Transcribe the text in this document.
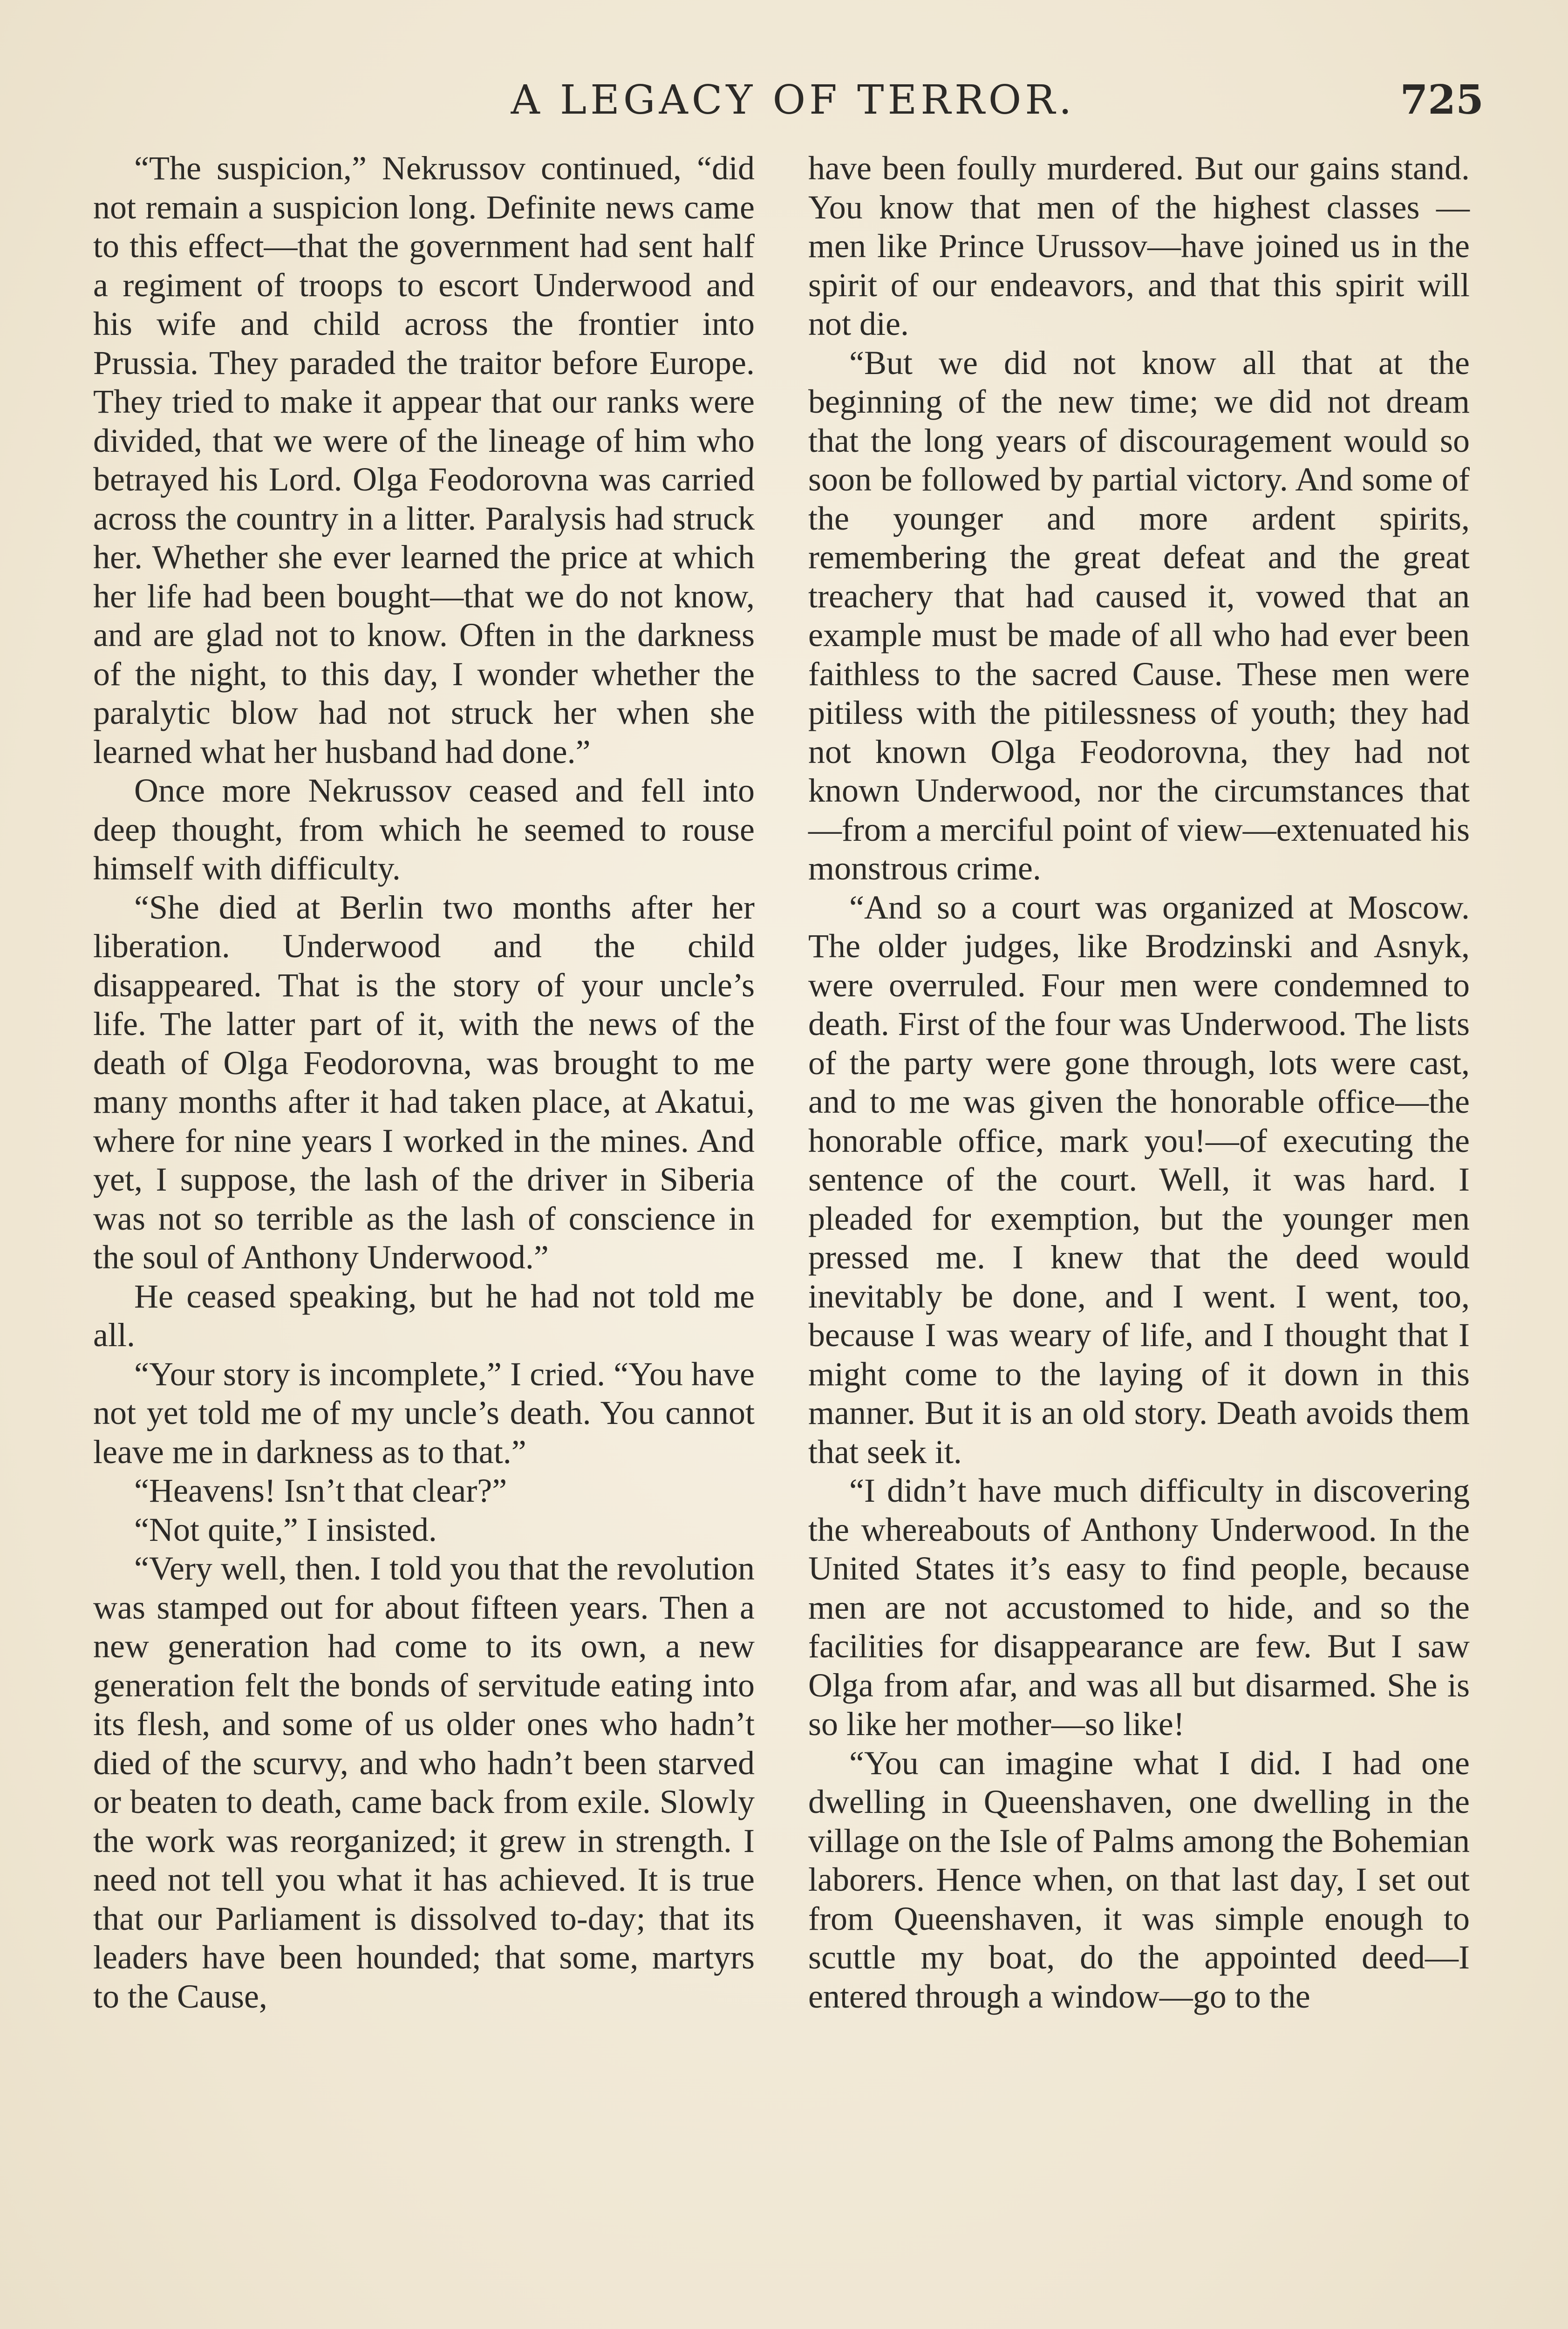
A LEGACY OF TERROR.	725

“The suspicion,” Nekrussov continued, “did not remain a suspicion long. Definite news came to this effect—that the government had sent half a regiment of troops to escort Underwood and his wife and child across the frontier into Prussia. They paraded the traitor before Europe. They tried to make it appear that our ranks were divided, that we were of the lineage of him who betrayed his Lord. Olga Feodorovna was carried across the country in a litter. Paralysis had struck her. Whether she ever learned the price at which her life had been bought—that we do not know, and are glad not to know. Often in the darkness of the night, to this day, I wonder whether the paralytic blow had not struck her when she learned what her husband had done.”

Once more Nekrussov ceased and fell into deep thought, from which he seemed to rouse himself with difficulty.

“She died at Berlin two months after her liberation. Underwood and the child disappeared. That is the story of your uncle’s life. The latter part of it, with the news of the death of Olga Feodorovna, was brought to me many months after it had taken place, at Akatui, where for nine years I worked in the mines. And yet, I suppose, the lash of the driver in Siberia was not so terrible as the lash of conscience in the soul of Anthony Underwood.”

He ceased speaking, but he had not told me all.

“Your story is incomplete,” I cried. “You have not yet told me of my uncle’s death. You cannot leave me in darkness as to that.”

“Heavens! Isn’t that clear?”

“Not quite,” I insisted.

“Very well, then. I told you that the revolution was stamped out for about fifteen years. Then a new generation had come to its own, a new generation felt the bonds of servitude eating into its flesh, and some of us older ones who hadn’t died of the scurvy, and who hadn’t been starved or beaten to death, came back from exile. Slowly the work was reorganized; it grew in strength. I need not tell you what it has achieved. It is true that our Parliament is dissolved to-day; that its leaders have been hounded; that some, martyrs to the Cause,

have been foully murdered. But our gains stand. You know that men of the highest classes — men like Prince Urussov—have joined us in the spirit of our endeavors, and that this spirit will not die.

“But we did not know all that at the beginning of the new time; we did not dream that the long years of discouragement would so soon be followed by partial victory. And some of the younger and more ardent spirits, remembering the great defeat and the great treachery that had caused it, vowed that an example must be made of all who had ever been faithless to the sacred Cause. These men were pitiless with the pitilessness of youth; they had not known Olga Feodorovna, they had not known Underwood, nor the circumstances that —from a merciful point of view—extenuated his monstrous crime.

“And so a court was organized at Moscow. The older judges, like Brodzinski and Asnyk, were overruled. Four men were condemned to death. First of the four was Underwood. The lists of the party were gone through, lots were cast, and to me was given the honorable office—the honorable office, mark you!—of executing the sentence of the court. Well, it was hard. I pleaded for exemption, but the younger men pressed me. I knew that the deed would inevitably be done, and I went. I went, too, because I was weary of life, and I thought that I might come to the laying of it down in this manner. But it is an old story. Death avoids them that seek it.

“I didn’t have much difficulty in discovering the whereabouts of Anthony Underwood. In the United States it’s easy to find people, because men are not accustomed to hide, and so the facilities for disappearance are few. But I saw Olga from afar, and was all but disarmed. She is so like her mother—so like!

“You can imagine what I did. I had one dwelling in Queenshaven, one dwelling in the village on the Isle of Palms among the Bohemian laborers. Hence when, on that last day, I set out from Queenshaven, it was simple enough to scuttle my boat, do the appointed deed—I entered through a window—go to the
